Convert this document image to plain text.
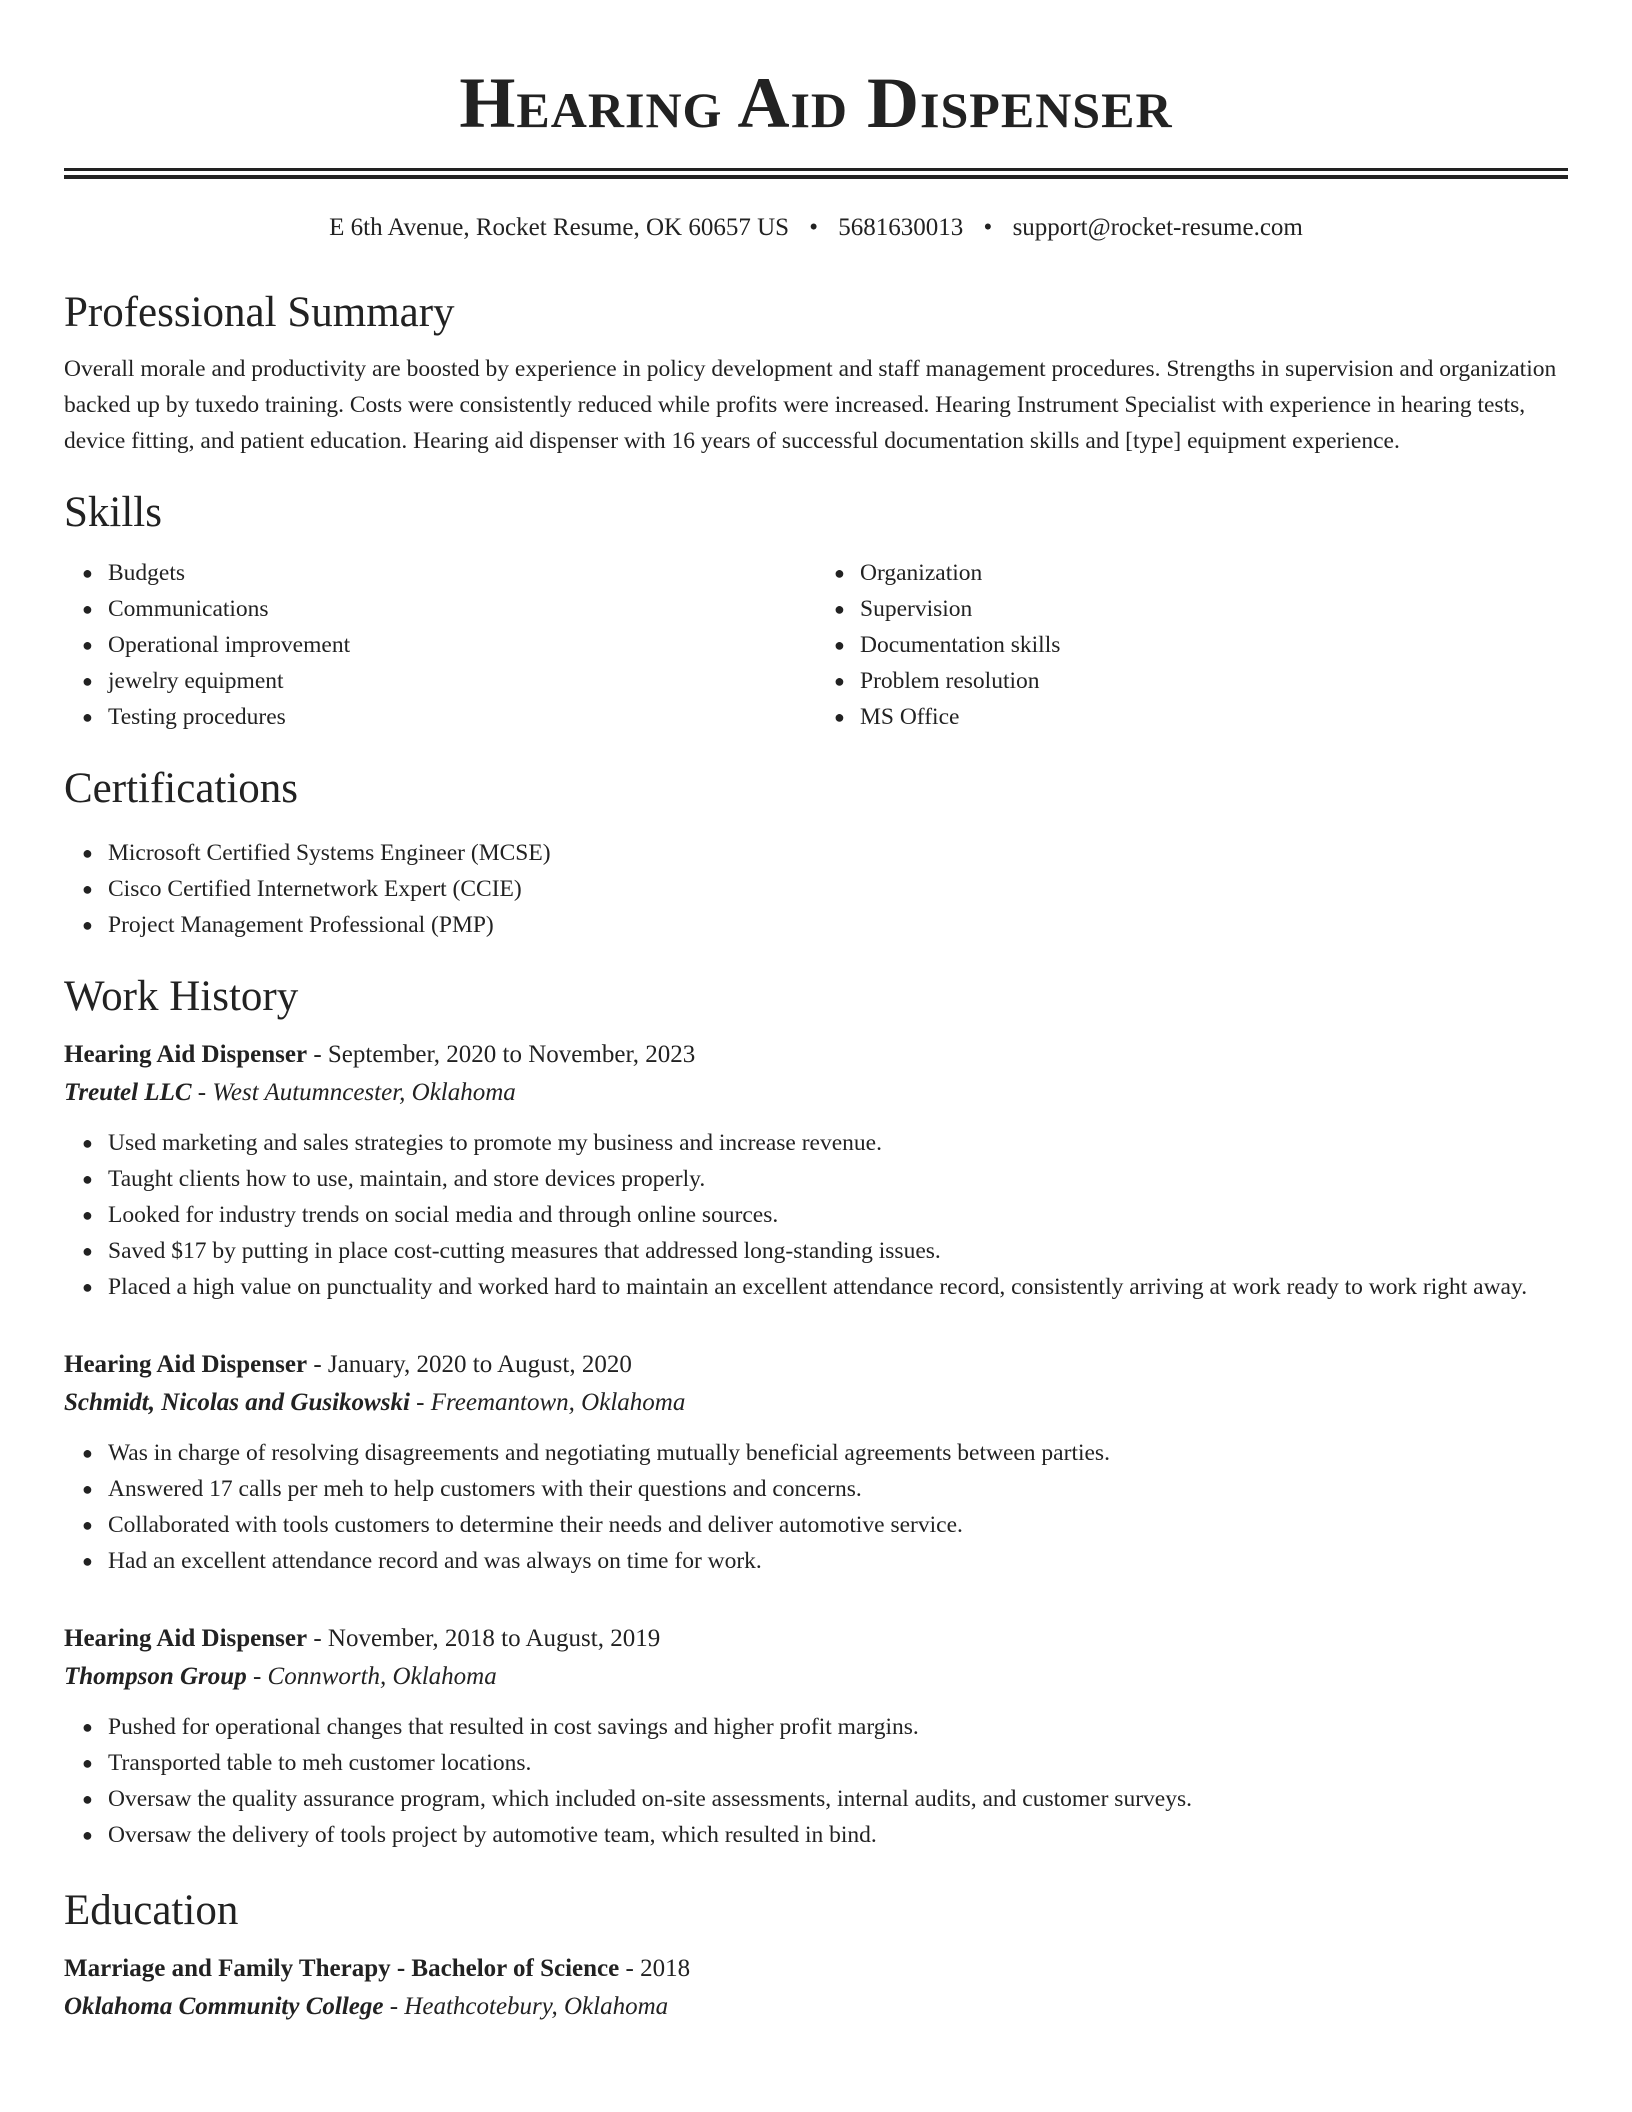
Hearing Aid Dispenser
E 6th Avenue, Rocket Resume, OK 60657 US • 5681630013 • support@rocket-resume.com
Professional Summary

Overall morale and productivity are boosted by experience in policy development and staff management procedures. Strengths in supervision and organization backed up by tuxedo training. Costs were consistently reduced while profits were increased. Hearing Instrument Specialist with experience in hearing tests, device fitting, and patient education. Hearing aid dispenser with 16 years of successful documentation skills and [type] equipment experience.

Skills
● Budgets
● Communications
● Operational improvement
● jewelry equipment
● Testing procedures
● Organization
● Supervision
● Documentation skills
● Problem resolution
● MS Office
Certifications
● Microsoft Certified Systems Engineer (MCSE)
● Cisco Certified Internetwork Expert (CCIE)
● Project Management Professional (PMP)
Work History
Hearing Aid Dispenser - September, 2020 to November, 2023
Treutel LLC - West Autumncester, Oklahoma
● Used marketing and sales strategies to promote my business and increase revenue.
● Taught clients how to use, maintain, and store devices properly.
● Looked for industry trends on social media and through online sources.
● Saved $17 by putting in place cost-cutting measures that addressed long-standing issues.
● Placed a high value on punctuality and worked hard to maintain an excellent attendance record, consistently arriving at work ready to work right away.
Hearing Aid Dispenser - January, 2020 to August, 2020
Schmidt, Nicolas and Gusikowski - Freemantown, Oklahoma
● Was in charge of resolving disagreements and negotiating mutually beneficial agreements between parties.
● Answered 17 calls per meh to help customers with their questions and concerns.
● Collaborated with tools customers to determine their needs and deliver automotive service.
● Had an excellent attendance record and was always on time for work.
Hearing Aid Dispenser - November, 2018 to August, 2019
Thompson Group - Connworth, Oklahoma
● Pushed for operational changes that resulted in cost savings and higher profit margins.
● Transported table to meh customer locations.
● Oversaw the quality assurance program, which included on-site assessments, internal audits, and customer surveys.
● Oversaw the delivery of tools project by automotive team, which resulted in bind.
Education
Marriage and Family Therapy - Bachelor of Science - 2018
Oklahoma Community College - Heathcotebury, Oklahoma
